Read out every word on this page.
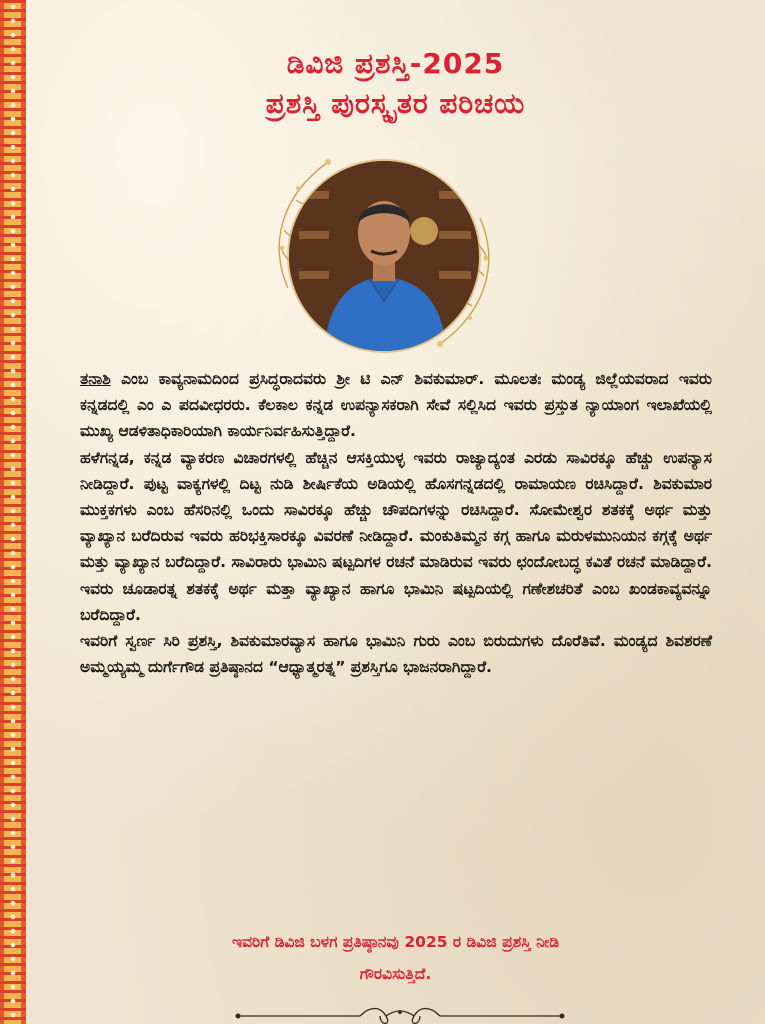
ಡಿವಿಜಿ ಪ್ರಶಸ್ತಿ-2025
ಪ್ರಶಸ್ತಿ ಪುರಸ್ಕೃತರ ಪರಿಚಯ

ತನಾಶಿ ಎಂಬ ಕಾವ್ಯನಾಮದಿಂದ ಪ್ರಸಿದ್ಧರಾದವರು ಶ್ರೀ ಟಿ ಎನ್ ಶಿವಕುಮಾರ್. ಮೂಲತಃ ಮಂಡ್ಯ ಜಿಲ್ಲೆಯವರಾದ ಇವರು ಕನ್ನಡದಲ್ಲಿ ಎಂ ಎ ಪದವೀಧರರು. ಕೆಲಕಾಲ ಕನ್ನಡ ಉಪನ್ಯಾಸಕರಾಗಿ ಸೇವೆ ಸಲ್ಲಿಸಿದ ಇವರು ಪ್ರಸ್ತುತ ನ್ಯಾಯಾಂಗ ಇಲಾಖೆಯಲ್ಲಿ ಮುಖ್ಯ ಆಡಳಿತಾಧಿಕಾರಿಯಾಗಿ ಕಾರ್ಯನಿರ್ವಹಿಸುತ್ತಿದ್ದಾರೆ.

ಹಳೆಗನ್ನಡ, ಕನ್ನಡ ವ್ಯಾಕರಣ ವಿಚಾರಗಳಲ್ಲಿ ಹೆಚ್ಚಿನ ಆಸಕ್ತಿಯುಳ್ಳ ಇವರು ರಾಜ್ಯಾದ್ಯಂತ ಎರಡು ಸಾವಿರಕ್ಕೂ ಹೆಚ್ಚು ಉಪನ್ಯಾಸ ನೀಡಿದ್ದಾರೆ. ಪುಟ್ಟ ವಾಕ್ಯಗಳಲ್ಲಿ ದಿಟ್ಟ ನುಡಿ ಶೀರ್ಷಿಕೆಯ ಅಡಿಯಲ್ಲಿ ಹೊಸಗನ್ನಡದಲ್ಲಿ ರಾಮಾಯಣ ರಚಿಸಿದ್ದಾರೆ. ಶಿವಕುಮಾರ ಮುಕ್ತಕಗಳು ಎಂಬ ಹೆಸರಿನಲ್ಲಿ ಒಂದು ಸಾವಿರಕ್ಕೂ ಹೆಚ್ಚು ಚೌಪದಿಗಳನ್ನು ರಚಿಸಿದ್ದಾರೆ. ಸೋಮೇಶ್ವರ ಶತಕಕ್ಕೆ ಅರ್ಥ ಮತ್ತು ವ್ಯಾಖ್ಯಾನ ಬರೆದಿರುವ ಇವರು ಹರಿಭಕ್ತಿಸಾರಕ್ಕೂ ವಿವರಣೆ ನೀಡಿದ್ದಾರೆ. ಮಂಕುತಿಮ್ಮನ ಕಗ್ಗ ಹಾಗೂ ಮರುಳಮುನಿಯನ ಕಗ್ಗಕ್ಕೆ ಅರ್ಥ ಮತ್ತು ವ್ಯಾಖ್ಯಾನ ಬರೆದಿದ್ದಾರೆ. ಸಾವಿರಾರು ಭಾಮಿನಿ ಷಟ್ಪದಿಗಳ ರಚನೆ ಮಾಡಿರುವ ಇವರು ಛಂದೋಬದ್ಧ ಕವಿತೆ ರಚನೆ ಮಾಡಿದ್ದಾರೆ. ಇವರು ಚೂಡಾರತ್ನ ಶತಕಕ್ಕೆ ಅರ್ಥ ಮತ್ತಾ ವ್ಯಾಖ್ಯಾನ ಹಾಗೂ ಭಾಮಿನಿ ಷಟ್ಪದಿಯಲ್ಲಿ ಗಣೇಶಚರಿತೆ ಎಂಬ ಖಂಡಕಾವ್ಯವನ್ನೂ ಬರೆದಿದ್ದಾರೆ.

ಇವರಿಗೆ ಸ್ವರ್ಣ ಸಿರಿ ಪ್ರಶಸ್ತಿ, ಶಿವಕುಮಾರವ್ಯಾಸ ಹಾಗೂ ಭಾಮಿನಿ ಗುರು ಎಂಬ ಬಿರುದುಗಳು ದೊರೆತಿವೆ. ಮಂಡ್ಯದ ಶಿವಶರಣೆ ಅಮ್ಮಯ್ಯಮ್ಮ ದುರ್ಗೆಗೌಡ ಪ್ರತಿಷ್ಠಾನದ “ಆಧ್ಯಾತ್ಮರತ್ನ” ಪ್ರಶಸ್ತಿಗೂ ಭಾಜನರಾಗಿದ್ದಾರೆ.

ಇವರಿಗೆ ಡಿವಿಜಿ ಬಳಗ ಪ್ರತಿಷ್ಠಾನವು 2025 ರ ಡಿವಿಜಿ ಪ್ರಶಸ್ತಿ ನೀಡಿ
ಗೌರವಿಸುತ್ತಿದೆ.
